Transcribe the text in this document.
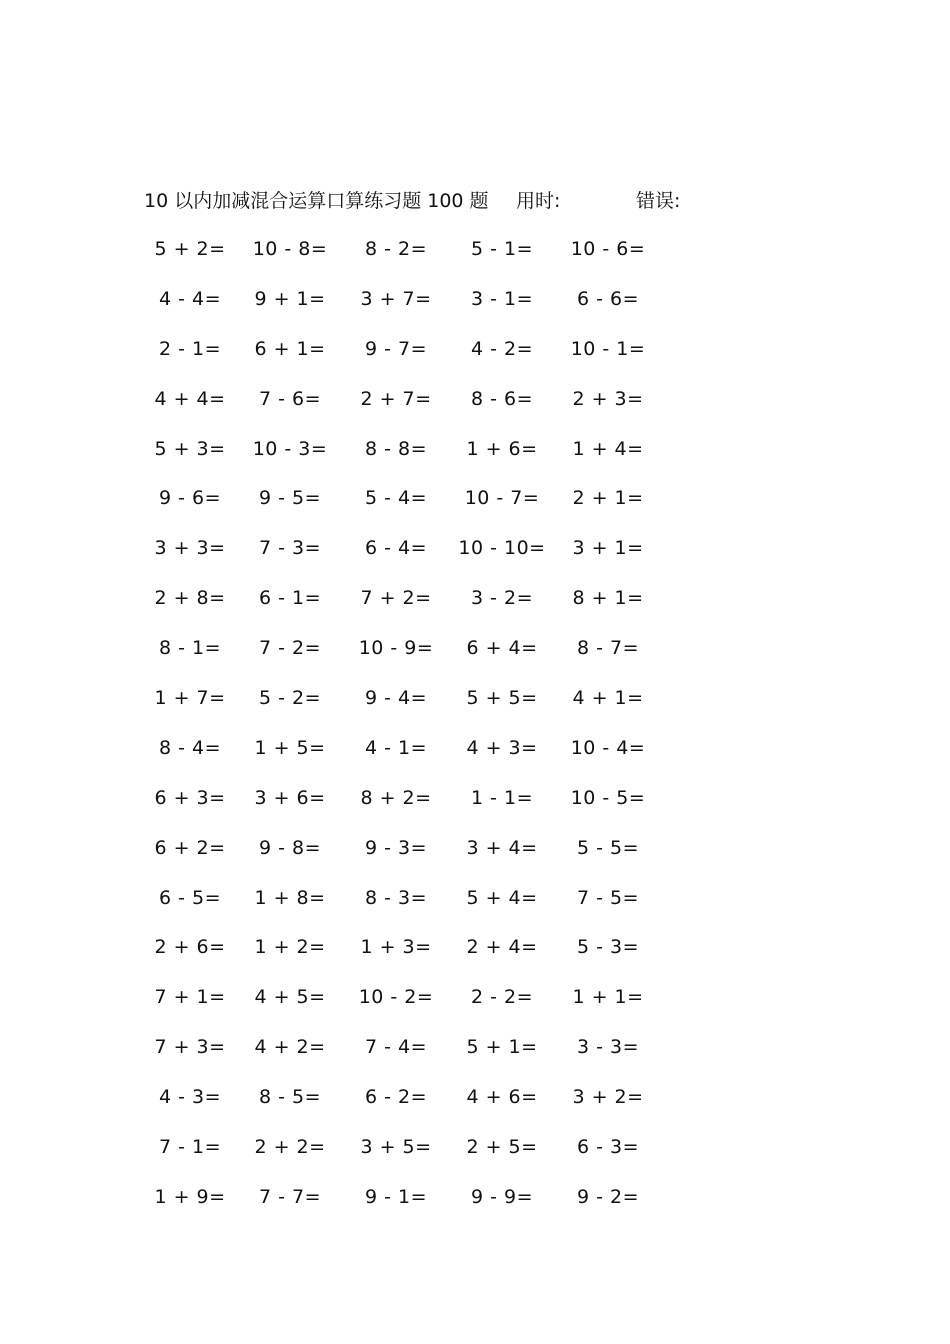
10 以内加减混合运算口算练习题 100 题 用时:	错误:
5 + 2=	10 - 8=	8 - 2=	5 - 1=	10 - 6=
4 - 4=	9 + 1=	3 + 7=	3 - 1=	6 - 6=
2 - 1=	6 + 1=	9 - 7=	4 - 2=	10 - 1=
4 + 4=	7 - 6=	2 + 7=	8 - 6=	2 + 3=
5 + 3=	10 - 3=	8 - 8=	1 + 6=	1 + 4=
9 - 6=	9 - 5=	5 - 4=	10 - 7=	2 + 1=
3 + 3=	7 - 3=	6 - 4=	10 - 10=	3 + 1=
2 + 8=	6 - 1=	7 + 2=	3 - 2=	8 + 1=
8 - 1=	7 - 2=	10 - 9=	6 + 4=	8 - 7=
1 + 7=	5 - 2=	9 - 4=	5 + 5=	4 + 1=
8 - 4=	1 + 5=	4 - 1=	4 + 3=	10 - 4=
6 + 3=	3 + 6=	8 + 2=	1 - 1=	10 - 5=
6 + 2=	9 - 8=	9 - 3=	3 + 4=	5 - 5=
6 - 5=	1 + 8=	8 - 3=	5 + 4=	7 - 5=
2 + 6=	1 + 2=	1 + 3=	2 + 4=	5 - 3=
7 + 1=	4 + 5=	10 - 2=	2 - 2=	1 + 1=
7 + 3=	4 + 2=	7 - 4=	5 + 1=	3 - 3=
4 - 3=	8 - 5=	6 - 2=	4 + 6=	3 + 2=
7 - 1=	2 + 2=	3 + 5=	2 + 5=	6 - 3=
1 + 9=	7 - 7=	9 - 1=	9 - 9=	9 - 2=
